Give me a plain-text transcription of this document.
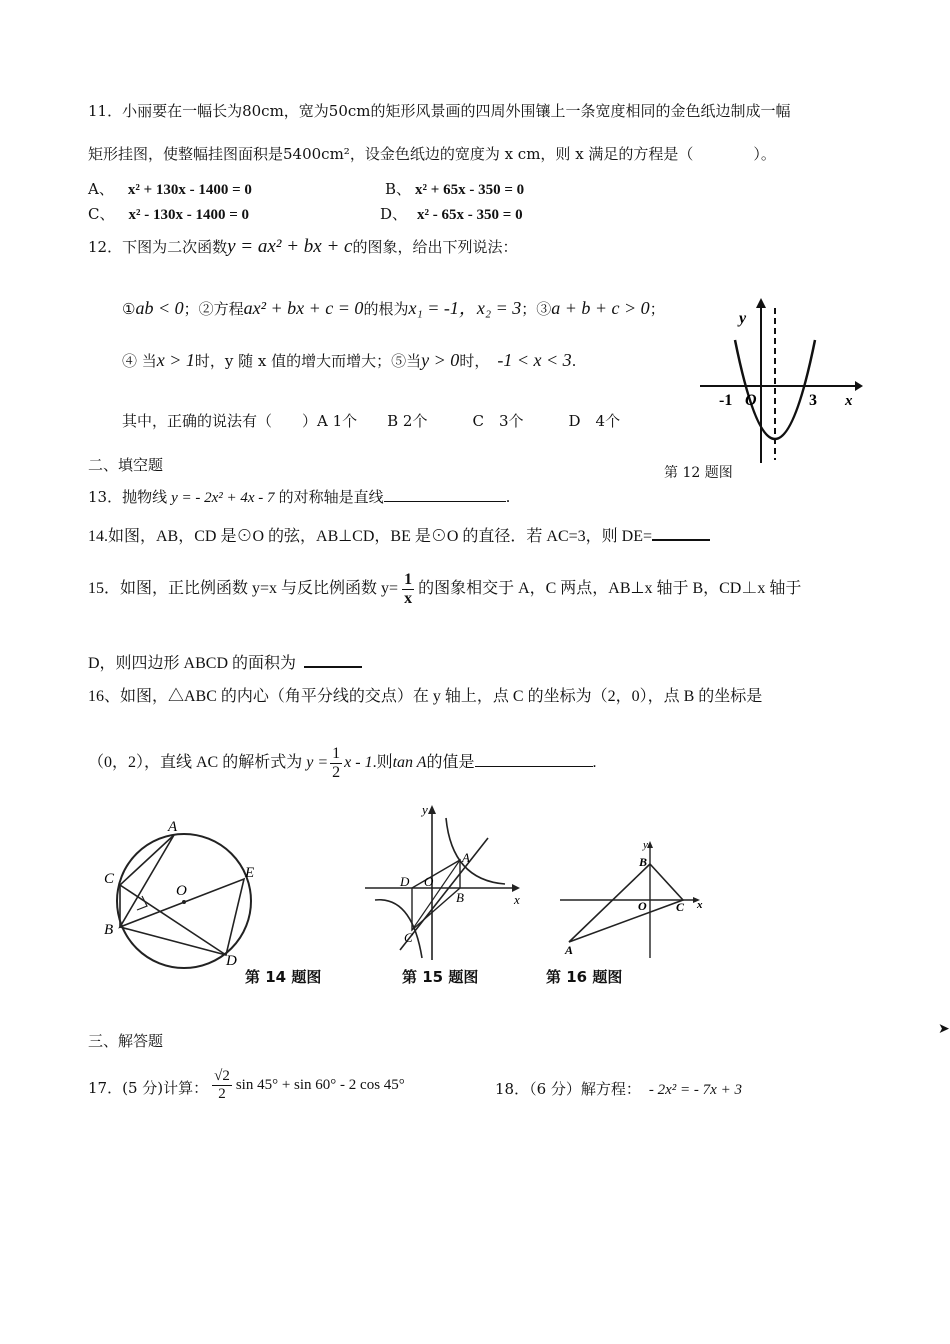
11．小丽要在一幅长为80cm，宽为50cm的矩形风景画的四周外围镶上一条宽度相同的金色纸边制成一幅
矩形挂图，使整幅挂图面积是5400cm²，设金色纸边的宽度为 x cm，则 x 满足的方程是（　　　　）。
A、 x² + 130x - 1400 = 0	B、 x² + 65x - 350 = 0
C、 x² - 130x - 1400 = 0	D、 x² - 65x - 350 = 0
12．下图为二次函数y = ax² + bx + c的图象，给出下列说法：
①ab < 0；②方程ax² + bx + c = 0的根为x₁ = -1，x₂ = 3；③a + b + c > 0；
④ 当x > 1时，y 随 x 值的增大而增大；⑤当y > 0时， -1 < x < 3.
其中，正确的说法有（　　）A 1个　　B 2个　　　C　3个　　　D　4个
y
x
-1 O	3
第 12 题图
二、填空题
13．抛物线 y = - 2x² + 4x - 7 的对称轴是直线	.
14.如图，AB，CD 是⊙O 的弦，AB⊥CD，BE 是⊙O 的直径．若 AC=3，则 DE=
15．如图，正比例函数 y=x 与反比例函数 $y= \frac{1}{x}$ 的图象相交于 A，C 两点，AB⊥x 轴于 B，CD⊥x 轴于
D，则四边形 ABCD 的面积为
16、如图，△ABC 的内心（角平分线的交点）在 y 轴上，点 C 的坐标为（2，0），点 B 的坐标是
（0，2），直线 AC 的解析式为 $y = \frac{1}{2}$ x - 1.则tan A的值是	.
A
C
O
E
B
D
第 14 题图
y
A
D O
B	x
C
第 15 题图
y
B
O C x
A
第 16 题图
三、解答题
17．(5 分)计算： $\frac{√2}{2}$ sin 45° + sin 60° - 2 cos 45°	18．（6 分）解方程： - 2x² = - 7x + 3
➤
